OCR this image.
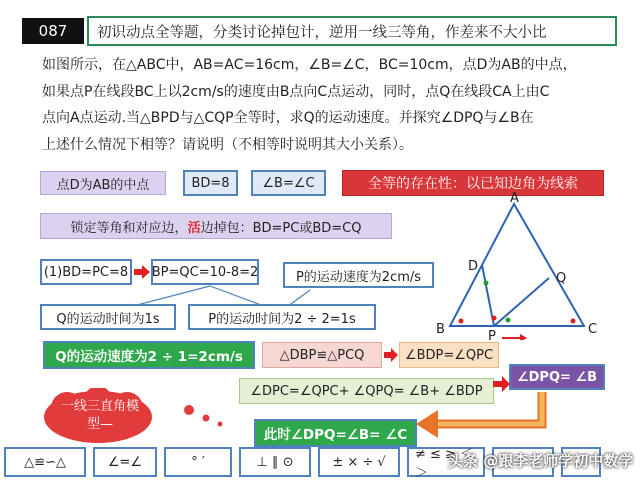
087	初识动点全等题，分类讨论掉包计，逆用一线三等角，作差来不大小比

如图所示，在△ABC中，AB=AC=16cm，∠B=∠C，BC=10cm，点D为AB的中点，

如果点P在线段BC上以2cm/s的速度由B点向C点运动，同时，点Q在线段CA上由C

点向A点运动.当△BPD与△CQP全等时，求Q的运动速度。并探究∠DPQ与∠B在

上述什么情况下相等？请说明（不相等时说明其大小关系）。

点D为AB的中点	BD=8	∠B=∠C	全等的存在性：以已知边角为线索
锁定等角和对应边， 活 边掉包：BD=PC或BD=CQ
(1)BD=PC=8 BP=QC=10-8=2	P的运动速度为2cm/s
Q的运动时间为1s	P的运动时间为2 ÷ 2=1s
Q的运动速度为2 ÷ 1=2cm/s	△DBP≌△PCQ	∠BDP=∠QPC
∠DPC=∠QPC+ ∠QPQ= ∠B+ ∠BDP
∠DPQ= ∠B
一线三直角模型—
此时∠DPQ=∠B= ∠C
A
B	C
D
P
Q
△≌∽△	∠=∠	° ′	⊥ ∥ ⊙	± × ÷ √	≠ ≤ ≥ ＜ ＞
头条 @跟李老师学初中数学
